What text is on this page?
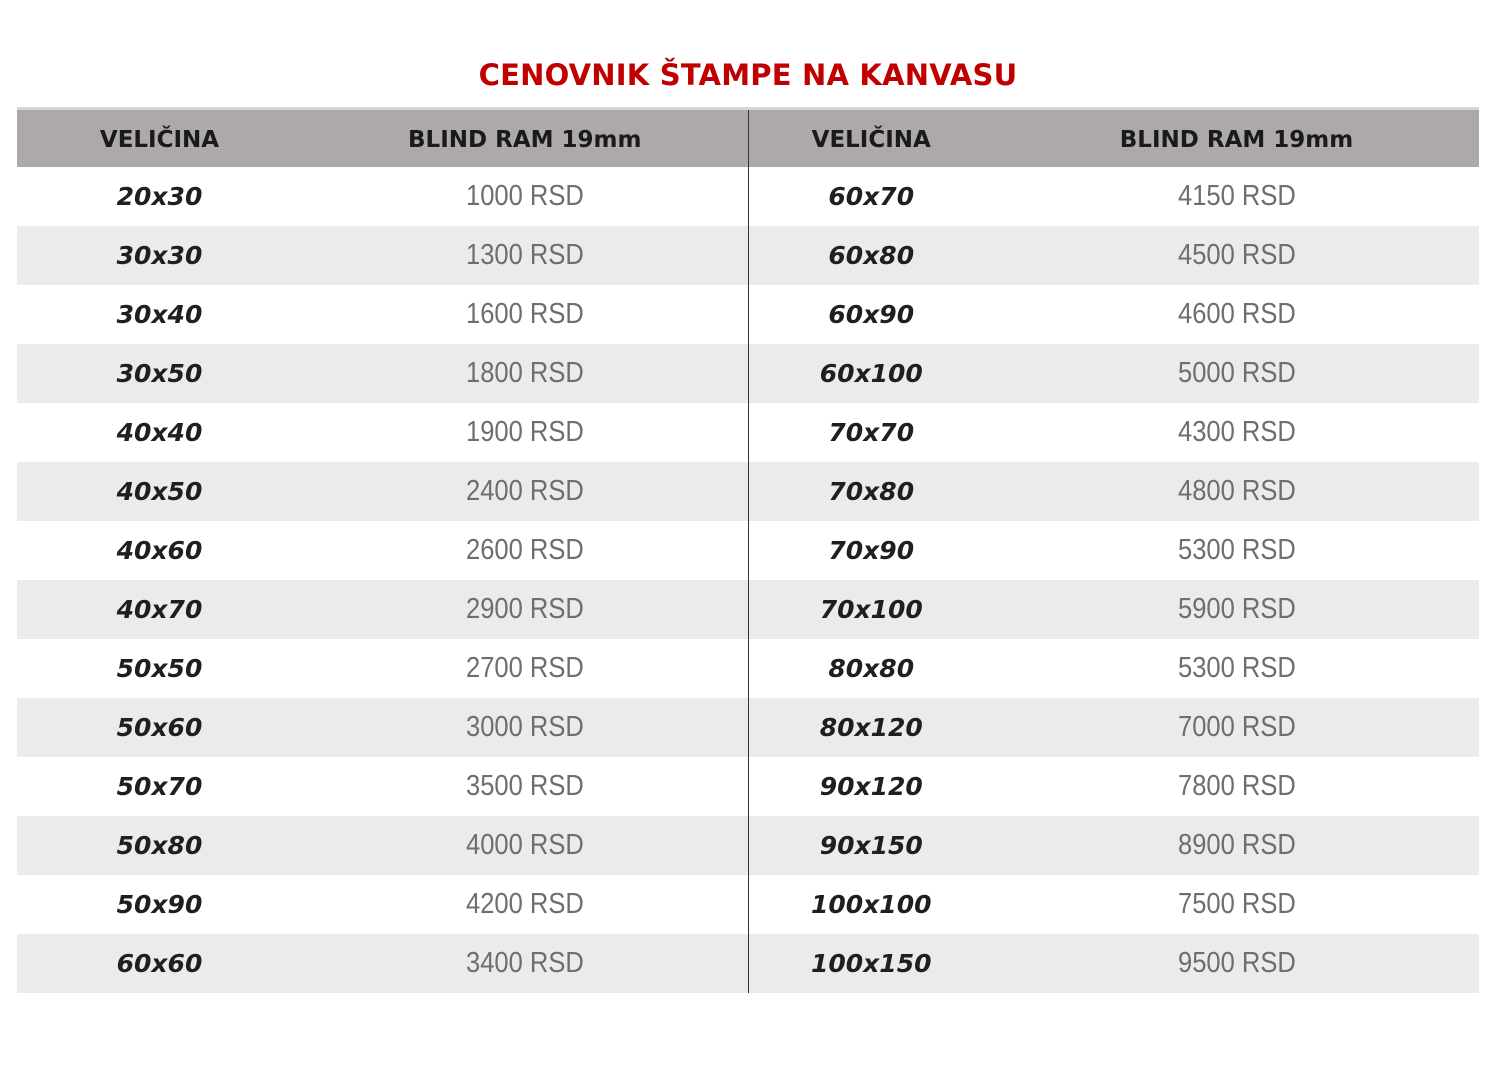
CENOVNIK ŠTAMPE NA KANVASU
VELIČINA	BLIND RAM 19mm	VELIČINA	BLIND RAM 19mm
20x30	1000 RSD	60x70	4150 RSD
30x30	1300 RSD	60x80	4500 RSD
30x40	1600 RSD	60x90	4600 RSD
30x50	1800 RSD	60x100	5000 RSD
40x40	1900 RSD	70x70	4300 RSD
40x50	2400 RSD	70x80	4800 RSD
40x60	2600 RSD	70x90	5300 RSD
40x70	2900 RSD	70x100	5900 RSD
50x50	2700 RSD	80x80	5300 RSD
50x60	3000 RSD	80x120	7000 RSD
50x70	3500 RSD	90x120	7800 RSD
50x80	4000 RSD	90x150	8900 RSD
50x90	4200 RSD	100x100	7500 RSD
60x60	3400 RSD	100x150	9500 RSD
